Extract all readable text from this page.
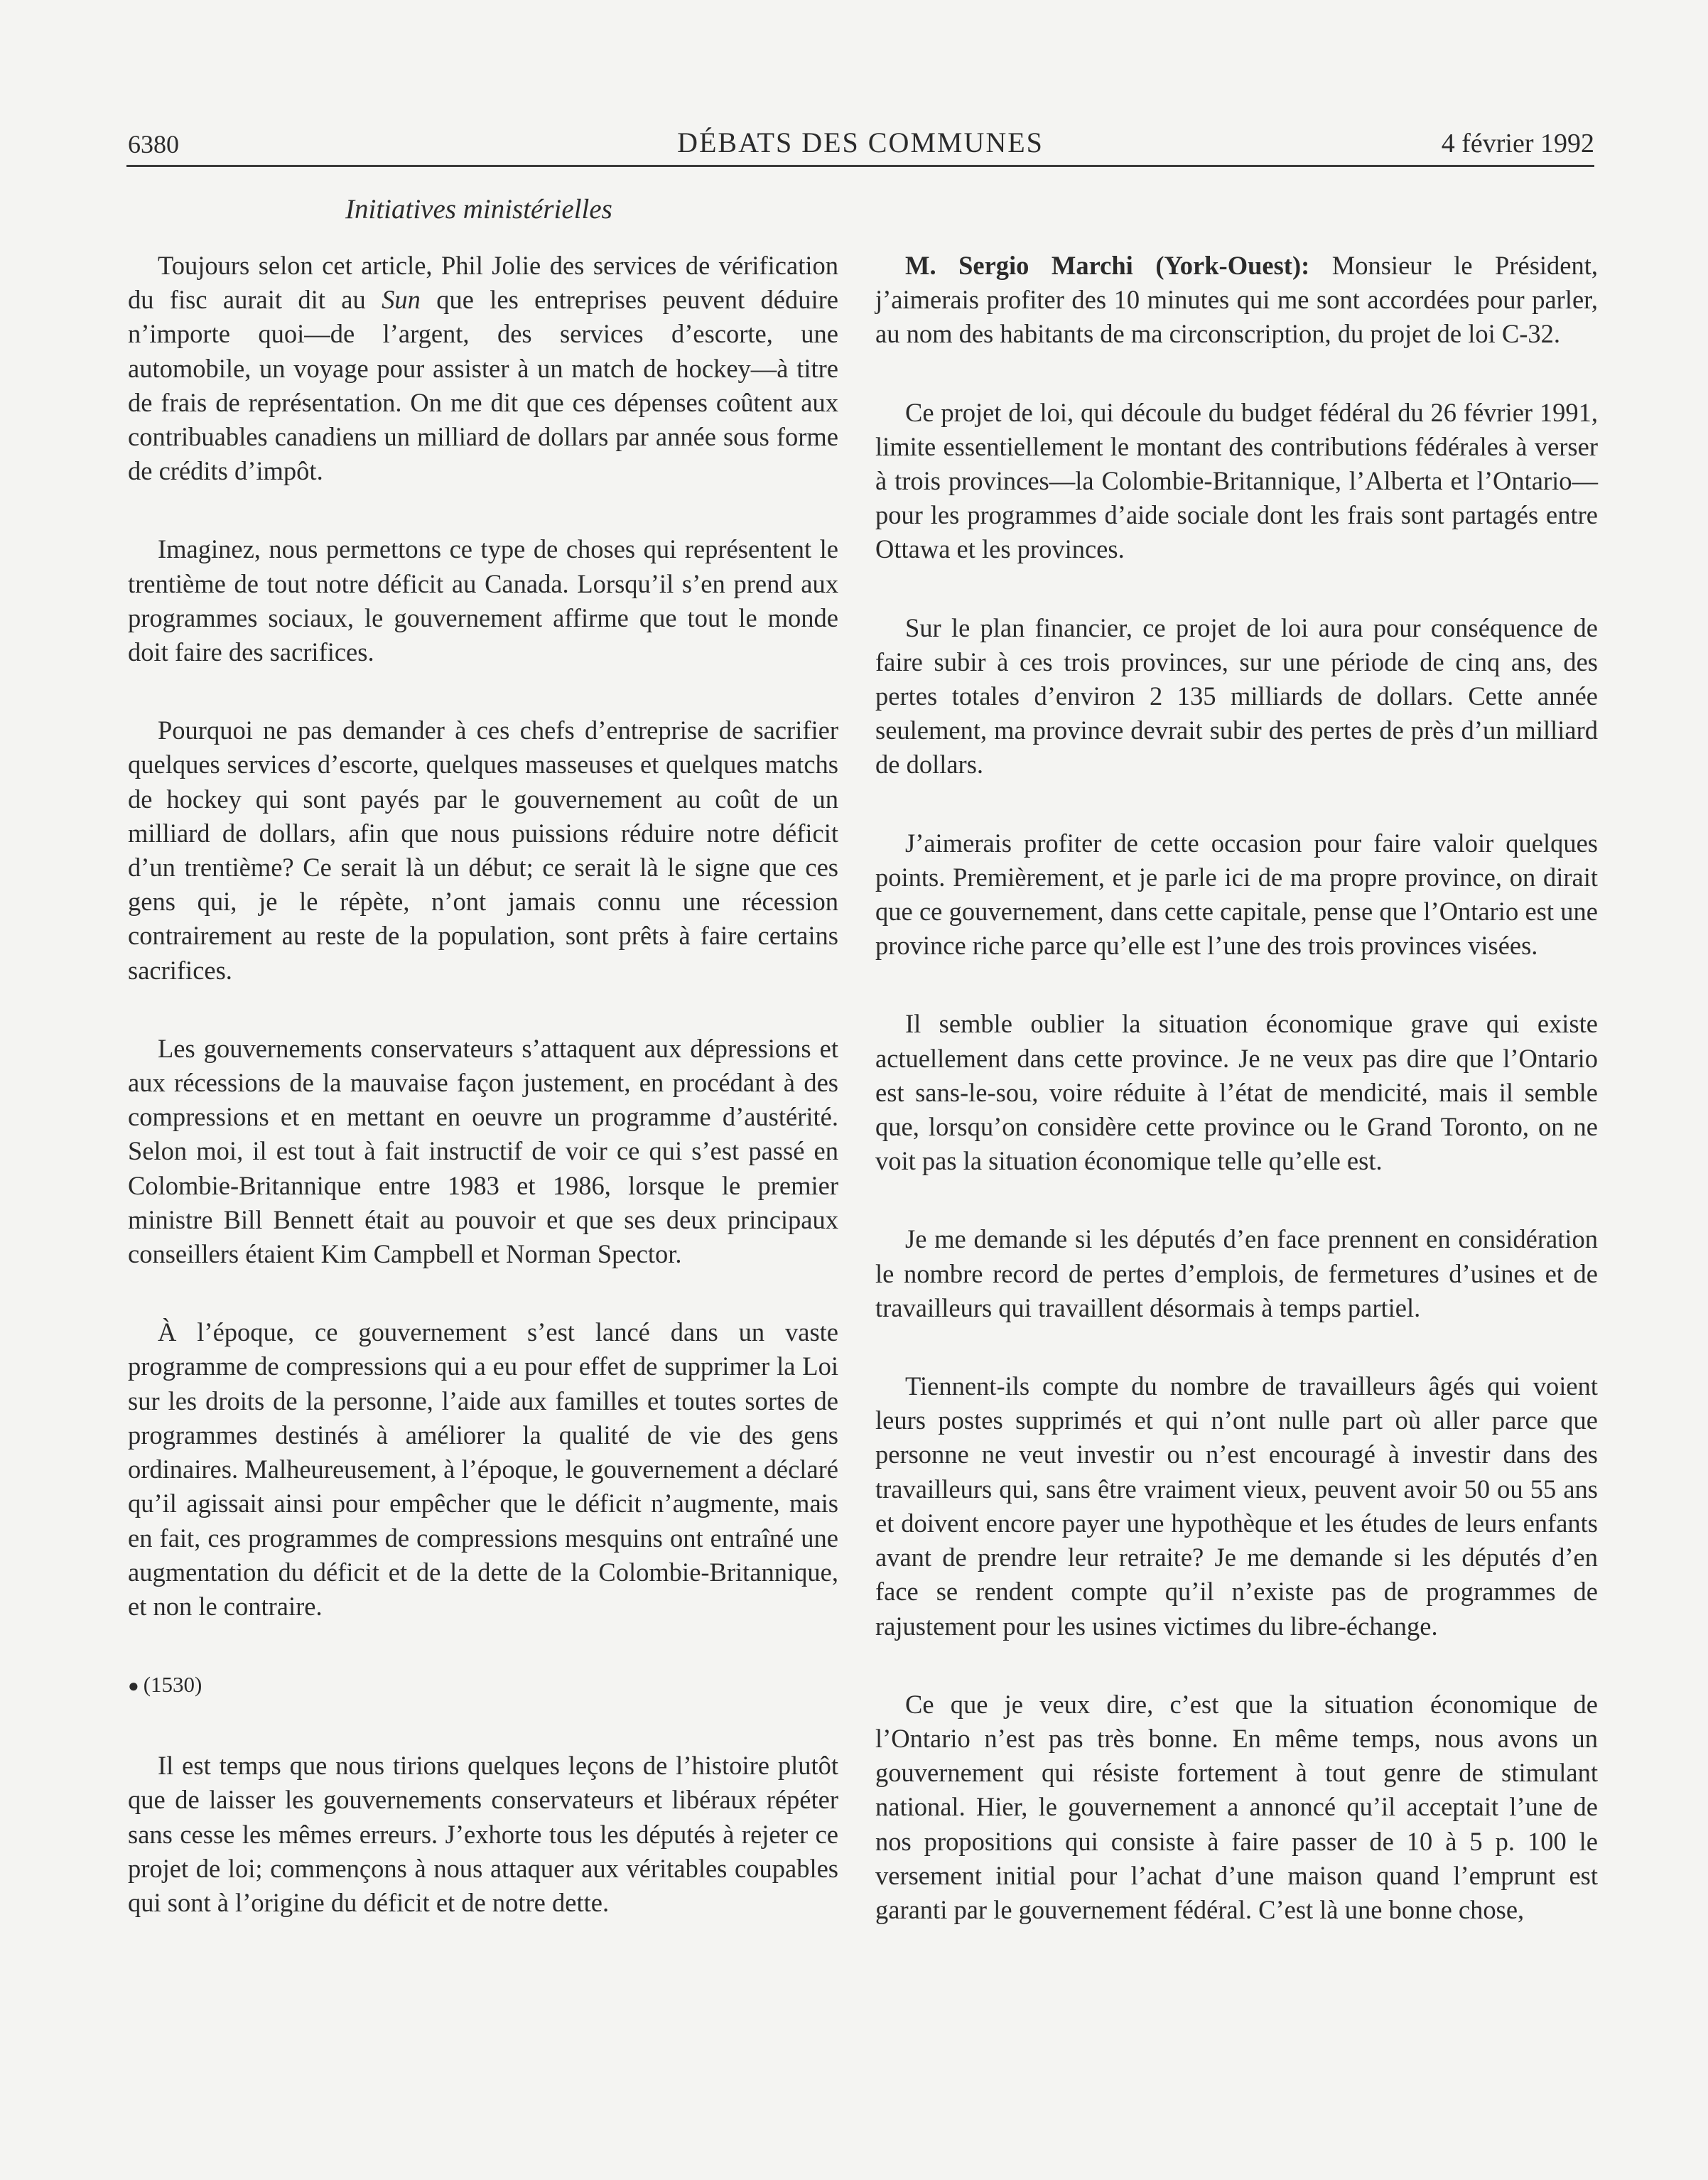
6380	DÉBATS DES COMMUNES	4 février 1992
Initiatives ministérielles

Toujours selon cet article, Phil Jolie des services de vérification du fisc aurait dit au Sun que les entreprises peuvent déduire n’importe quoi—de l’argent, des services d’escorte, une automobile, un voyage pour assister à un match de hockey—à titre de frais de représentation. On me dit que ces dépenses coûtent aux contribuables canadiens un milliard de dollars par année sous forme de crédits d’impôt.

Imaginez, nous permettons ce type de choses qui représentent le trentième de tout notre déficit au Canada. Lorsqu’il s’en prend aux programmes sociaux, le gouvernement affirme que tout le monde doit faire des sacrifices.

Pourquoi ne pas demander à ces chefs d’entreprise de sacrifier quelques services d’escorte, quelques masseuses et quelques matchs de hockey qui sont payés par le gouvernement au coût de un milliard de dollars, afin que nous puissions réduire notre déficit d’un trentième? Ce serait là un début; ce serait là le signe que ces gens qui, je le répète, n’ont jamais connu une récession contrairement au reste de la population, sont prêts à faire certains sacrifices.

Les gouvernements conservateurs s’attaquent aux dépressions et aux récessions de la mauvaise façon justement, en procédant à des compressions et en mettant en oeuvre un programme d’austérité. Selon moi, il est tout à fait instructif de voir ce qui s’est passé en Colombie-Britannique entre 1983 et 1986, lorsque le premier ministre Bill Bennett était au pouvoir et que ses deux principaux conseillers étaient Kim Campbell et Norman Spector.

À l’époque, ce gouvernement s’est lancé dans un vaste programme de compressions qui a eu pour effet de supprimer la Loi sur les droits de la personne, l’aide aux familles et toutes sortes de programmes destinés à améliorer la qualité de vie des gens ordinaires. Malheureusement, à l’époque, le gouvernement a déclaré qu’il agissait ainsi pour empêcher que le déficit n’augmente, mais en fait, ces programmes de compressions mesquins ont entraîné une augmentation du déficit et de la dette de la Colombie-Britannique, et non le contraire.

● (1530)

Il est temps que nous tirions quelques leçons de l’histoire plutôt que de laisser les gouvernements conservateurs et libéraux répéter sans cesse les mêmes erreurs. J’exhorte tous les députés à rejeter ce projet de loi; commençons à nous attaquer aux véritables coupables qui sont à l’origine du déficit et de notre dette.

M. Sergio Marchi (York-Ouest): Monsieur le Président, j’aimerais profiter des 10 minutes qui me sont accordées pour parler, au nom des habitants de ma circonscription, du projet de loi C-32.

Ce projet de loi, qui découle du budget fédéral du 26 février 1991, limite essentiellement le montant des contributions fédérales à verser à trois provinces—la Colombie-Britannique, l’Alberta et l’Ontario—pour les programmes d’aide sociale dont les frais sont partagés entre Ottawa et les provinces.

Sur le plan financier, ce projet de loi aura pour conséquence de faire subir à ces trois provinces, sur une période de cinq ans, des pertes totales d’environ 2 135 milliards de dollars. Cette année seulement, ma province devrait subir des pertes de près d’un milliard de dollars.

J’aimerais profiter de cette occasion pour faire valoir quelques points. Premièrement, et je parle ici de ma propre province, on dirait que ce gouvernement, dans cette capitale, pense que l’Ontario est une province riche parce qu’elle est l’une des trois provinces visées.

Il semble oublier la situation économique grave qui existe actuellement dans cette province. Je ne veux pas dire que l’Ontario est sans-le-sou, voire réduite à l’état de mendicité, mais il semble que, lorsqu’on considère cette province ou le Grand Toronto, on ne voit pas la situation économique telle qu’elle est.

Je me demande si les députés d’en face prennent en considération le nombre record de pertes d’emplois, de fermetures d’usines et de travailleurs qui travaillent désormais à temps partiel.

Tiennent-ils compte du nombre de travailleurs âgés qui voient leurs postes supprimés et qui n’ont nulle part où aller parce que personne ne veut investir ou n’est encouragé à investir dans des travailleurs qui, sans être vraiment vieux, peuvent avoir 50 ou 55 ans et doivent encore payer une hypothèque et les études de leurs enfants avant de prendre leur retraite? Je me demande si les députés d’en face se rendent compte qu’il n’existe pas de programmes de rajustement pour les usines victimes du libre-échange.

Ce que je veux dire, c’est que la situation économique de l’Ontario n’est pas très bonne. En même temps, nous avons un gouvernement qui résiste fortement à tout genre de stimulant national. Hier, le gouvernement a annoncé qu’il acceptait l’une de nos propositions qui consiste à faire passer de 10 à 5 p. 100 le versement initial pour l’achat d’une maison quand l’emprunt est garanti par le gouvernement fédéral. C’est là une bonne chose,
